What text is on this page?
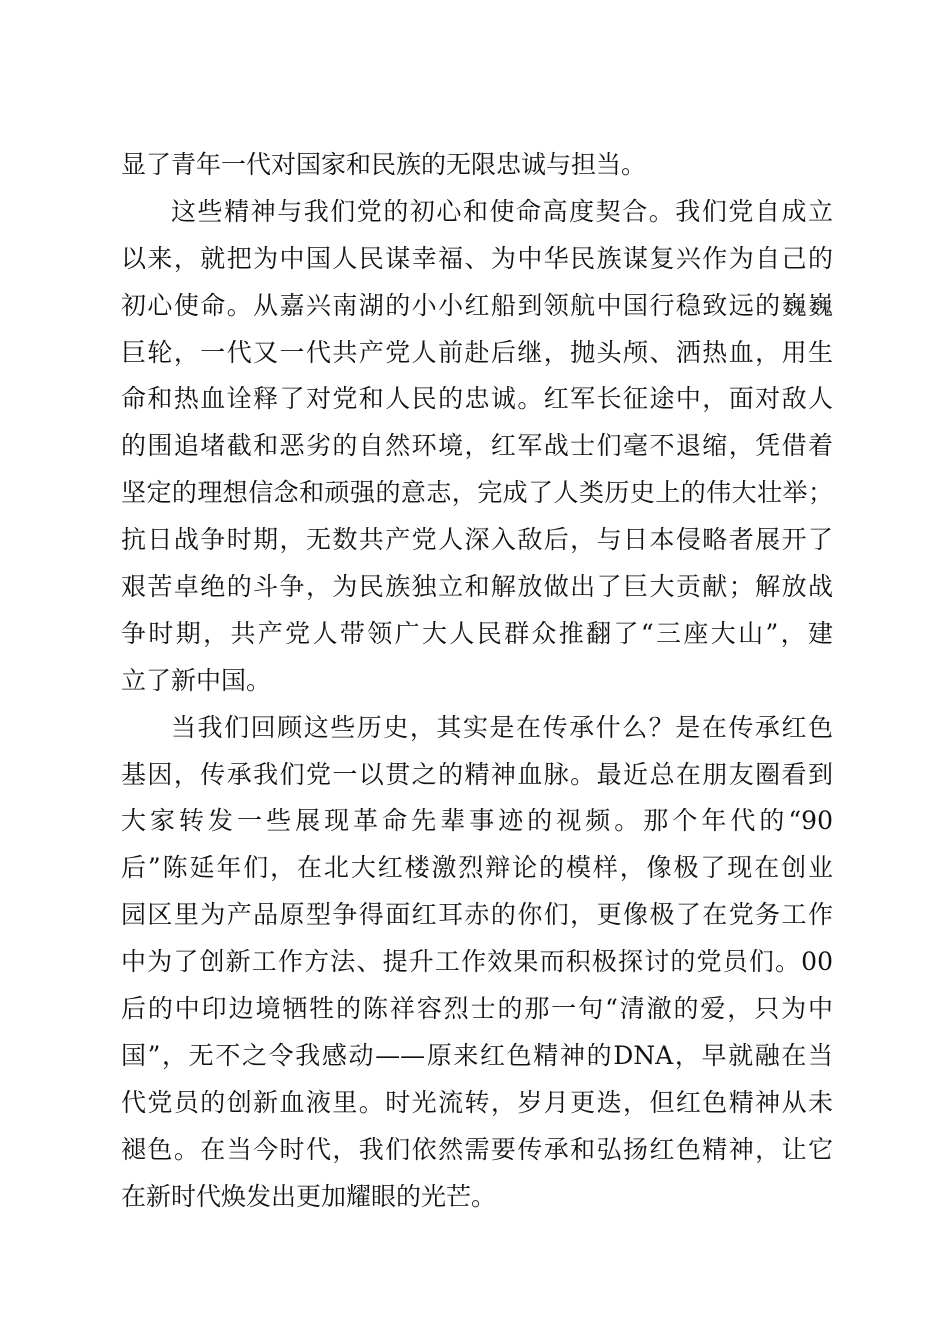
显了青年一代对国家和民族的无限忠诚与担当。
这些精神与我们党的初心和使命高度契合。我们党自成立
以来，就把为中国人民谋幸福、为中华民族谋复兴作为自己的
初心使命。从嘉兴南湖的小小红船到领航中国行稳致远的巍巍
巨轮，一代又一代共产党人前赴后继，抛头颅、洒热血，用生
命和热血诠释了对党和人民的忠诚。红军长征途中，面对敌人
的围追堵截和恶劣的自然环境，红军战士们毫不退缩，凭借着
坚定的理想信念和顽强的意志，完成了人类历史上的伟大壮举；
抗日战争时期，无数共产党人深入敌后，与日本侵略者展开了
艰苦卓绝的斗争，为民族独立和解放做出了巨大贡献；解放战
争时期，共产党人带领广大人民群众推翻了“三座大山”，建
立了新中国。
当我们回顾这些历史，其实是在传承什么？是在传承红色
基因，传承我们党一以贯之的精神血脉。最近总在朋友圈看到
大家转发一些展现革命先辈事迹的视频。那个年代的“90
后”陈延年们，在北大红楼激烈辩论的模样，像极了现在创业
园区里为产品原型争得面红耳赤的你们，更像极了在党务工作
中为了创新工作方法、提升工作效果而积极探讨的党员们。00
后的中印边境牺牲的陈祥容烈士的那一句“清澈的爱，只为中
国”，无不之令我感动——原来红色精神的DNA，早就融在当
代党员的创新血液里。时光流转，岁月更迭，但红色精神从未
褪色。在当今时代，我们依然需要传承和弘扬红色精神，让它
在新时代焕发出更加耀眼的光芒。
